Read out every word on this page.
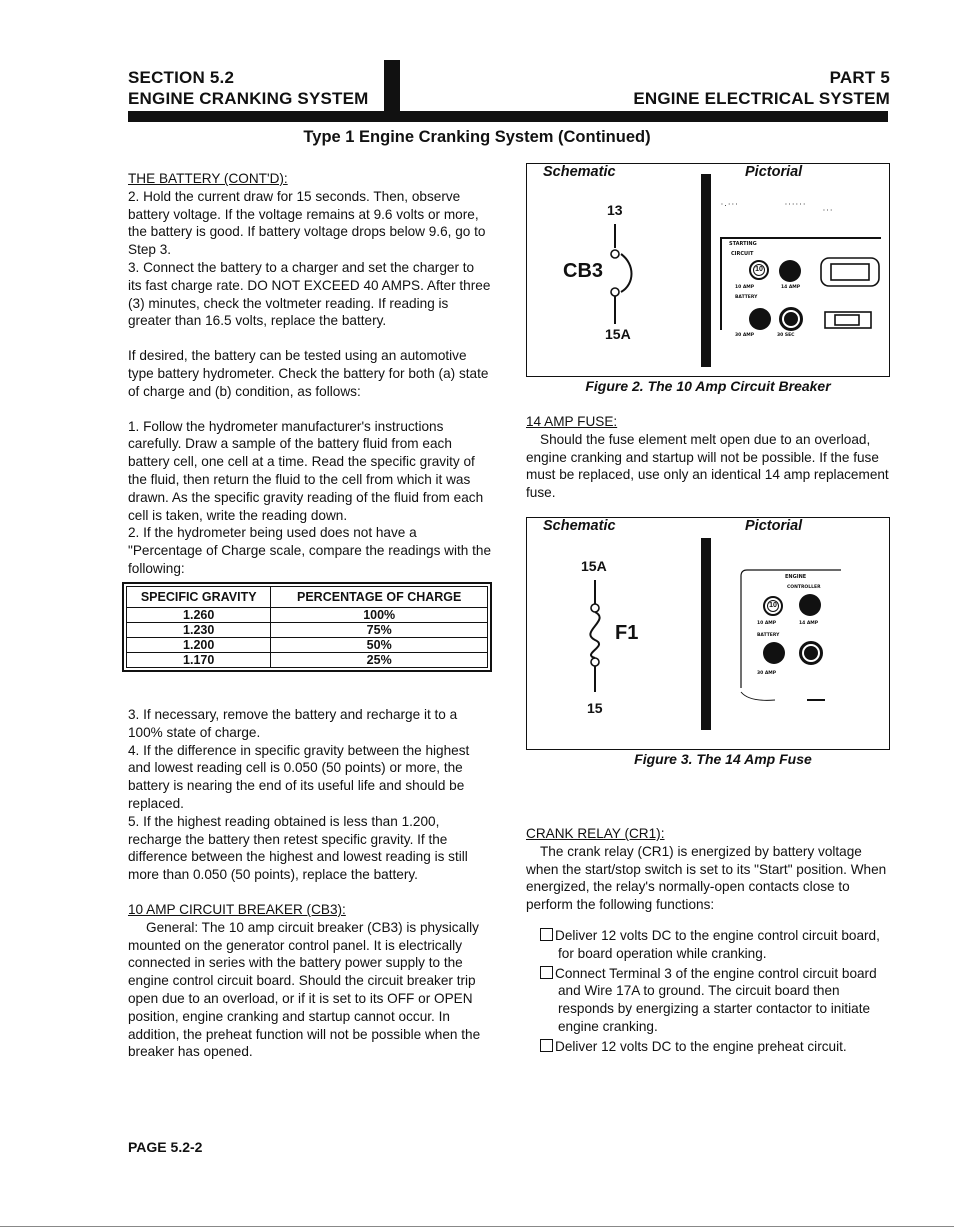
SECTION 5.2
ENGINE CRANKING SYSTEM
PART 5
ENGINE ELECTRICAL SYSTEM
Type 1 Engine Cranking System (Continued)
THE BATTERY (CONT'D):
2. Hold the current draw for 15 seconds. Then, observe battery voltage. If the voltage remains at 9.6 volts or more, the battery is good. If battery voltage drops below 9.6, go to Step 3.
3. Connect the battery to a charger and set the charger to its fast charge rate. DO NOT EXCEED 40 AMPS. After three (3) minutes, check the voltmeter reading. If reading is greater than 16.5 volts, replace the battery.
If desired, the battery can be tested using an automotive type battery hydrometer. Check the battery for both (a) state of charge and (b) condition, as follows:
1. Follow the hydrometer manufacturer's instructions carefully. Draw a sample of the battery fluid from each battery cell, one cell at a time. Read the specific gravity of the fluid, then return the fluid to the cell from which it was drawn. As the specific gravity reading of the fluid from each cell is taken, write the reading down.
2. If the hydrometer being used does not have a "Percentage of Charge scale, compare the readings with the following:
SPECIFIC GRAVITY	PERCENTAGE OF CHARGE
1.260	100%
1.230	75%
1.200	50%
1.170	25%
3. If necessary, remove the battery and recharge it to a 100% state of charge.
4. If the difference in specific gravity between the highest and lowest reading cell is 0.050 (50 points) or more, the battery is nearing the end of its useful life and should be replaced.
5. If the highest reading obtained is less than 1.200, recharge the battery then retest specific gravity. If the difference between the highest and lowest reading is still more than 0.050 (50 points), replace the battery.
10 AMP CIRCUIT BREAKER (CB3):
General: The 10 amp circuit breaker (CB3) is physically mounted on the generator control panel. It is electrically connected in series with the battery power supply to the engine control circuit board. Should the circuit breaker trip open due to an overload, or if it is set to its OFF or OPEN position, engine cranking and startup cannot occur. In addition, the preheat function will not be possible when the breaker has opened.
Schematic	Pictorial
13
CB3
15A
· . · · ·	· · · · · ·
· · ·
STARTING
CIRCUIT
10 AMP	14 AMP
BATTERY
30 AMP	30 SEC
10
Figure 2. The 10 Amp Circuit Breaker
14 AMP FUSE:
Should the fuse element melt open due to an overload, engine cranking and startup will not be possible. If the fuse must be replaced, use only an identical 14 amp replacement fuse.
Schematic	Pictorial
15A
F1
15
ENGINE
CONTROLLER
10 AMP	14 AMP
BATTERY
30 AMP
10
Figure 3. The 14 Amp Fuse
CRANK RELAY (CR1):
The crank relay (CR1) is energized by battery voltage when the start/stop switch is set to its "Start" position. When energized, the relay's normally-open contacts close to perform the following functions:
Deliver 12 volts DC to the engine control circuit board, for board operation while cranking.
Connect Terminal 3 of the engine control circuit board and Wire 17A to ground. The circuit board then responds by energizing a starter contactor to initiate engine cranking.
Deliver 12 volts DC to the engine preheat circuit.
PAGE 5.2-2
